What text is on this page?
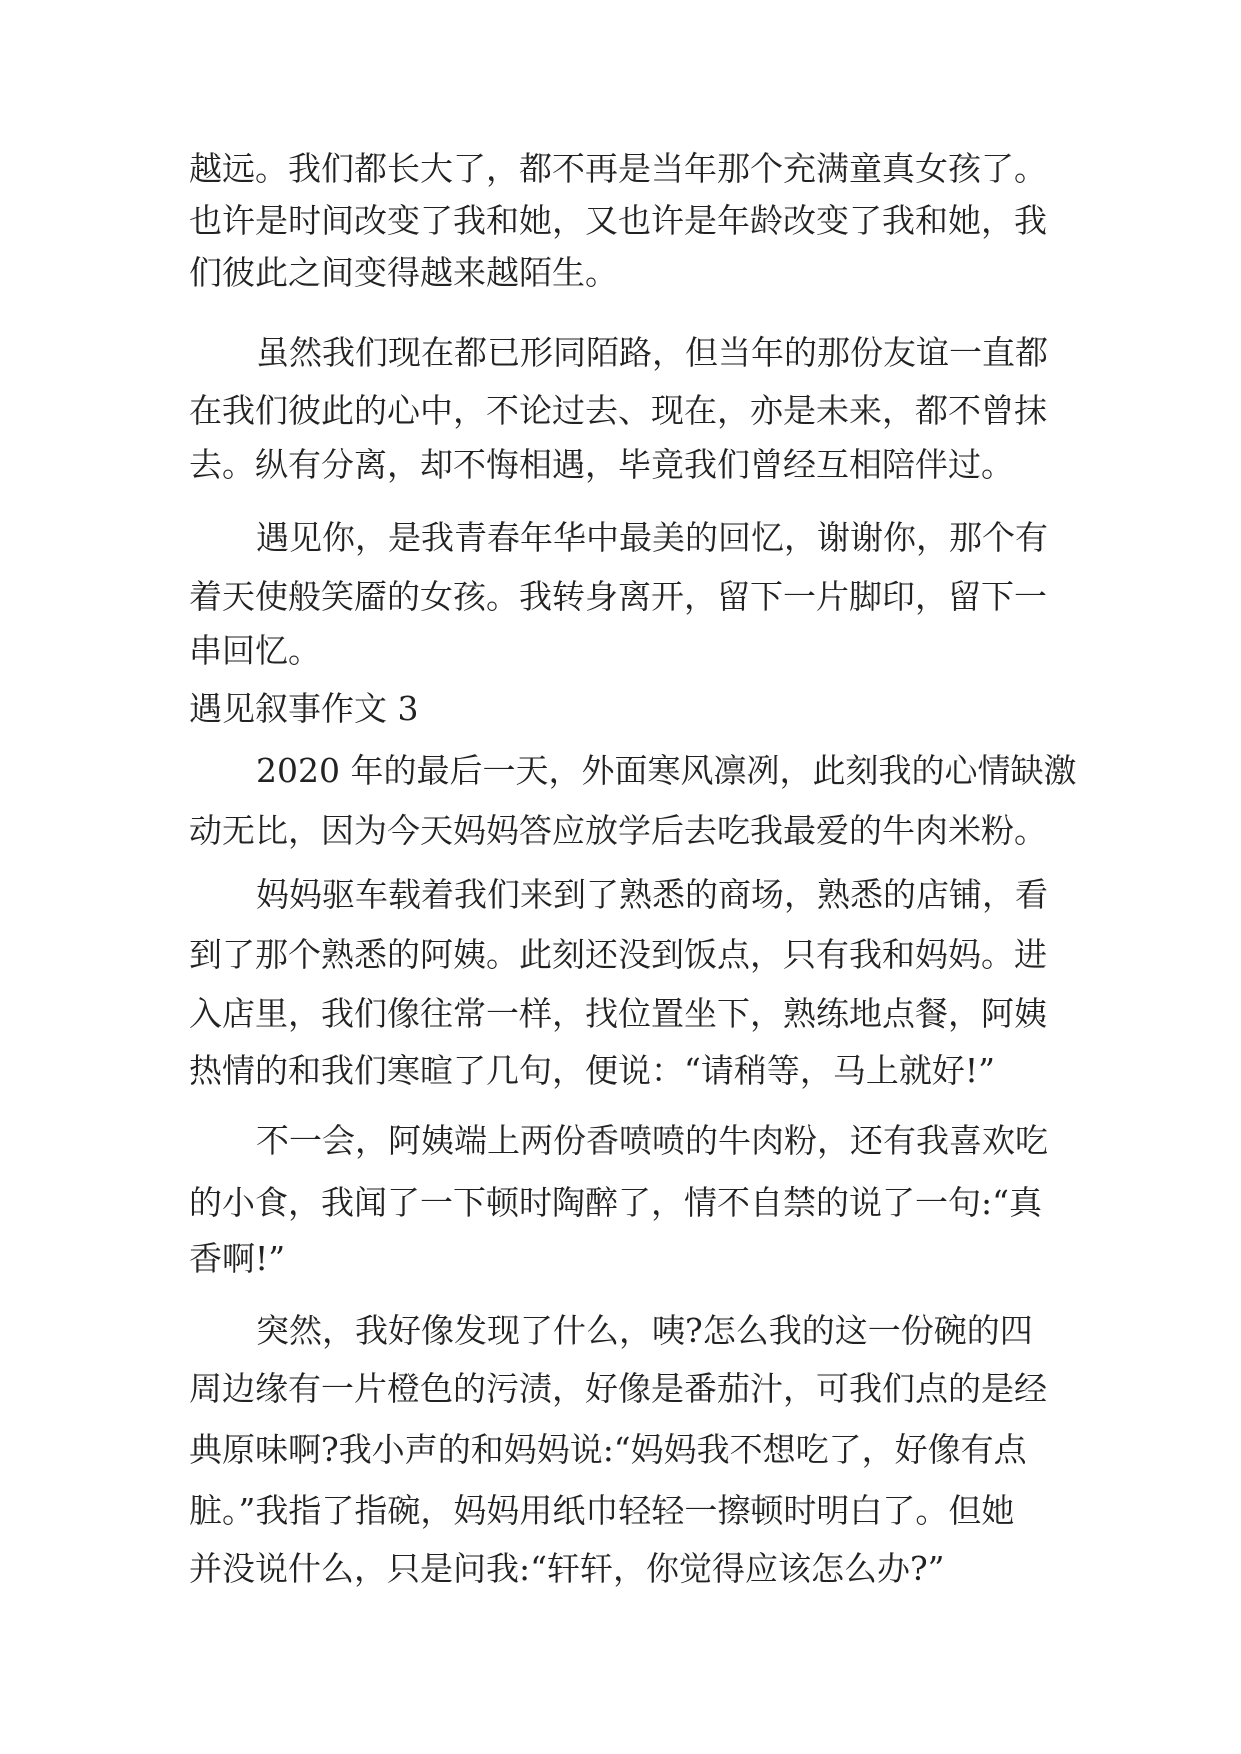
越远。我们都长大了，都不再是当年那个充满童真女孩了。
也许是时间改变了我和她，又也许是年龄改变了我和她，我
们彼此之间变得越来越陌生。
虽然我们现在都已形同陌路，但当年的那份友谊一直都
在我们彼此的心中，不论过去、现在，亦是未来，都不曾抹
去。纵有分离，却不悔相遇，毕竟我们曾经互相陪伴过。
遇见你，是我青春年华中最美的回忆，谢谢你，那个有
着天使般笑靥的女孩。我转身离开，留下一片脚印，留下一
串回忆。
遇见叙事作文 3
2020 年的最后一天，外面寒风凛冽，此刻我的心情缺激
动无比，因为今天妈妈答应放学后去吃我最爱的牛肉米粉。
妈妈驱车载着我们来到了熟悉的商场，熟悉的店铺，看
到了那个熟悉的阿姨。此刻还没到饭点，只有我和妈妈。进
入店里，我们像往常一样，找位置坐下，熟练地点餐，阿姨
热情的和我们寒暄了几句，便说：“请稍等，马上就好!”
不一会，阿姨端上两份香喷喷的牛肉粉，还有我喜欢吃
的小食，我闻了一下顿时陶醉了，情不自禁的说了一句:“真
香啊!”
突然，我好像发现了什么，咦?怎么我的这一份碗的四
周边缘有一片橙色的污渍，好像是番茄汁，可我们点的是经
典原味啊?我小声的和妈妈说:“妈妈我不想吃了，好像有点
脏。”我指了指碗，妈妈用纸巾轻轻一擦顿时明白了。但她
并没说什么，只是问我:“轩轩，你觉得应该怎么办?”
